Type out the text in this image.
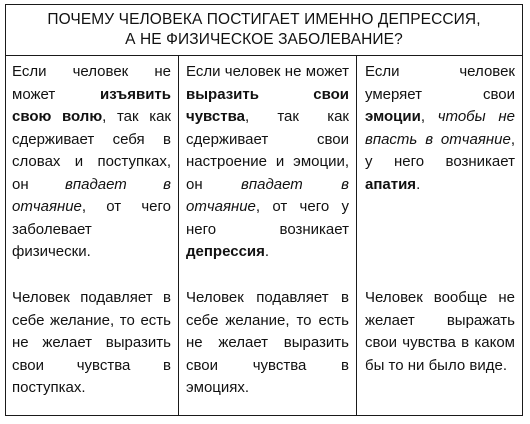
ПОЧЕМУ ЧЕЛОВЕКА ПОСТИГАЕТ ИМЕННО ДЕПРЕССИЯ,
А НЕ ФИЗИЧЕСКОЕ ЗАБОЛЕВАНИЕ?
Если человек не может изъявить свою волю, так как сдерживает себя в словах и поступках, он впадает в отчаяние, от чего заболевает физически.
Человек подавляет в себе желание, то есть не желает выразить свои чувства в поступках.
Если человек не может выразить свои чувства, так как сдерживает свои настроение и эмоции, он впадает в отчаяние, от чего у него возникает депрессия.
Человек подавляет в себе желание, то есть не желает выразить свои чувства в эмоциях.
Если человек умеряет свои эмоции, чтобы не впасть в отчаяние, у него возникает апатия.
Человек вообще не желает выражать свои чувства в каком бы то ни было виде.
